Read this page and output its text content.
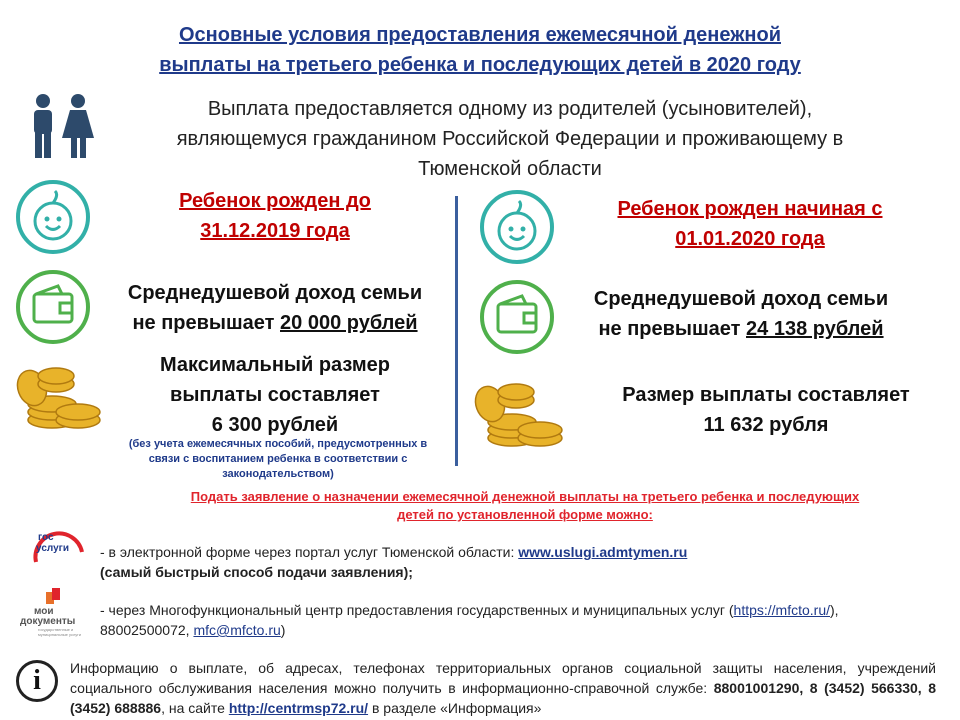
Основные условия предоставления ежемесячной денежной
выплаты на третьего ребенка и последующих детей в 2020 году
Выплата предоставляется одному из родителей (усыновителей),
являющемуся гражданином Российской Федерации и проживающему в
Тюменской области
Ребенок рожден до
31.12.2019 года
Среднедушевой доход семьи
не превышает 20 000 рублей
Максимальный размер
выплаты составляет
6 300 рублей
(без учета ежемесячных пособий, предусмотренных в
связи с воспитанием ребенка в соответствии с
законодательством)
Ребенок рожден начиная с
01.01.2020 года
Среднедушевой доход семьи
не превышает 24 138 рублей
Размер выплаты составляет
11 632 рубля
Подать заявление о назначении ежемесячной денежной выплаты на третьего ребенка и последующих
детей по установленной форме можно:
гос
услуги - в электронной форме через портал услуг Тюменской области: www.uslugi.admtymen.ru
(самый быстрый способ подачи заявления);
мои
документы
государственные и муниципальные услуги
- через Многофункциональный центр предоставления государственных и муниципальных услуг (https://mfcto.ru/),
88002500072, mfc@mfcto.ru)
i	Информацию о выплате, об адресах, телефонах территориальных органов социальной защиты населения, учреждений социального обслуживания населения можно получить в информационно-справочной службе: 88001001290, 8 (3452) 566330, 8 (3452) 688886, на сайте http://centrmsp72.ru/ в разделе «Информация»
